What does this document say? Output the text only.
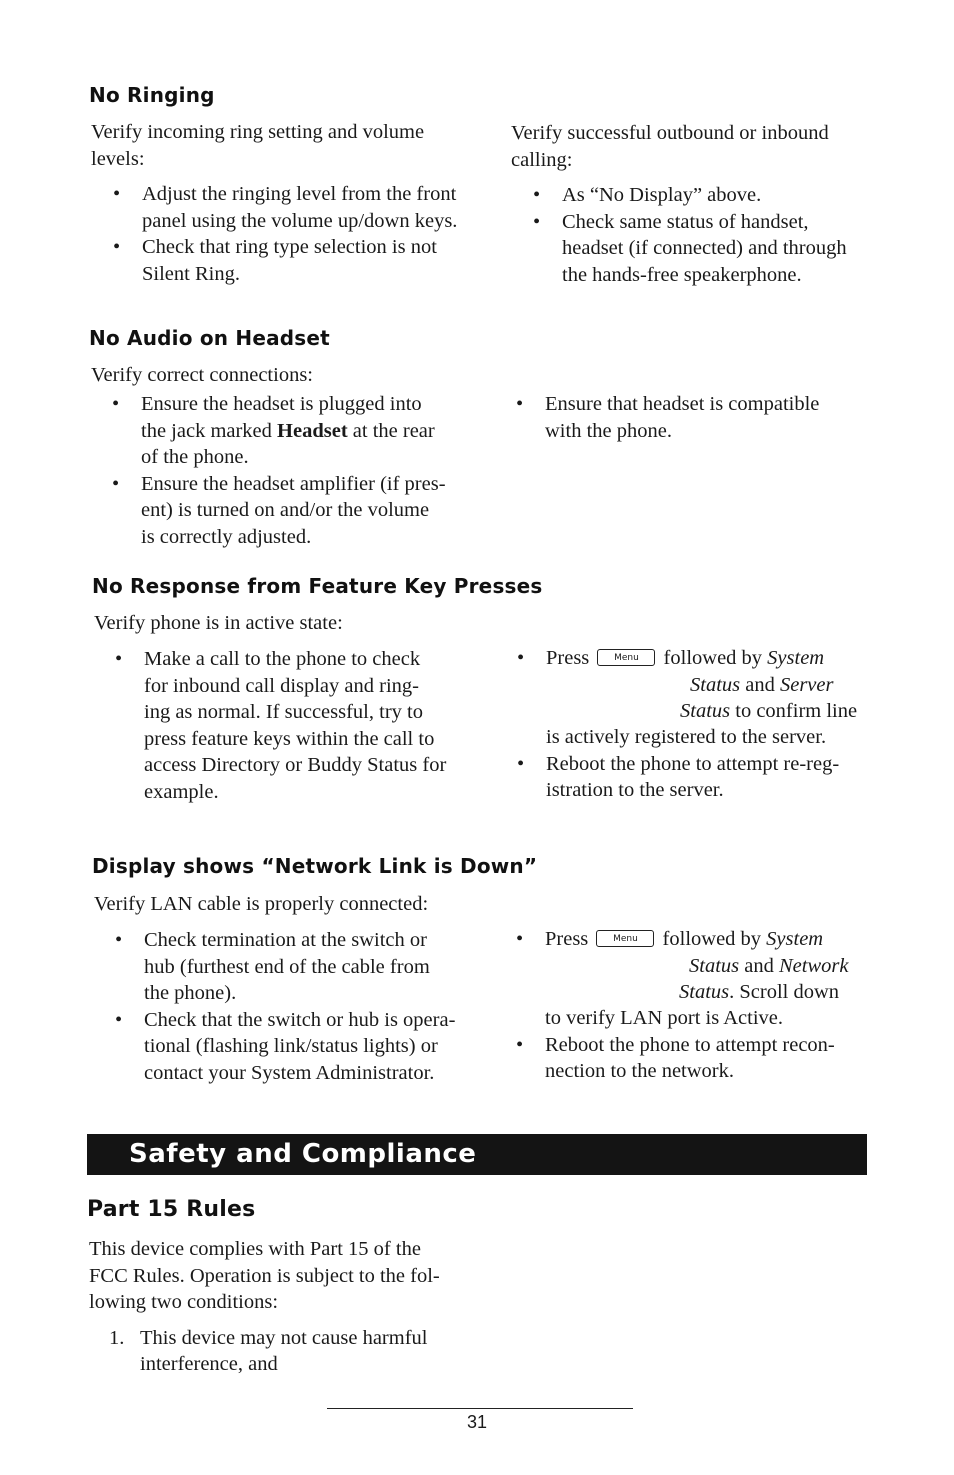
No Ringing
Verify incoming ring setting and volume
levels:
• Adjust the ringing level from the front
panel using the volume up/down keys.
• Check that ring type selection is not
Silent Ring.
Verify successful outbound or inbound
calling:
• As “No Display” above.
• Check same status of handset,
headset (if connected) and through
the hands-free speakerphone.
No Audio on Headset
Verify correct connections:
• Ensure the headset is plugged into
the jack marked Headset at the rear
of the phone.
• Ensure the headset amplifier (if pres-
ent) is turned on and/or the volume
is correctly adjusted.
• Ensure that headset is compatible
with the phone.
No Response from Feature Key Presses
Verify phone is in active state:
• Make a call to the phone to check
for inbound call display and ring-
ing as normal. If successful, try to
press feature keys within the call to
access Directory or Buddy Status for
example.
• Press	Menu followed by System
Status and Server
Status to confirm line
is actively registered to the server.
• Reboot the phone to attempt re-reg-
istration to the server.
Display shows “Network Link is Down”
Verify LAN cable is properly connected:
• Check termination at the switch or
hub (furthest end of the cable from
the phone).
• Check that the switch or hub is opera-
tional (flashing link/status lights) or
contact your System Administrator.
• Press	Menu followed by System
Status and Network
Status. Scroll down
to verify LAN port is Active.
• Reboot the phone to attempt recon-
nection to the network.
Safety and Compliance
Part 15 Rules
This device complies with Part 15 of the
FCC Rules. Operation is subject to the fol-
lowing two conditions:
1. This device may not cause harmful
interference, and
31
